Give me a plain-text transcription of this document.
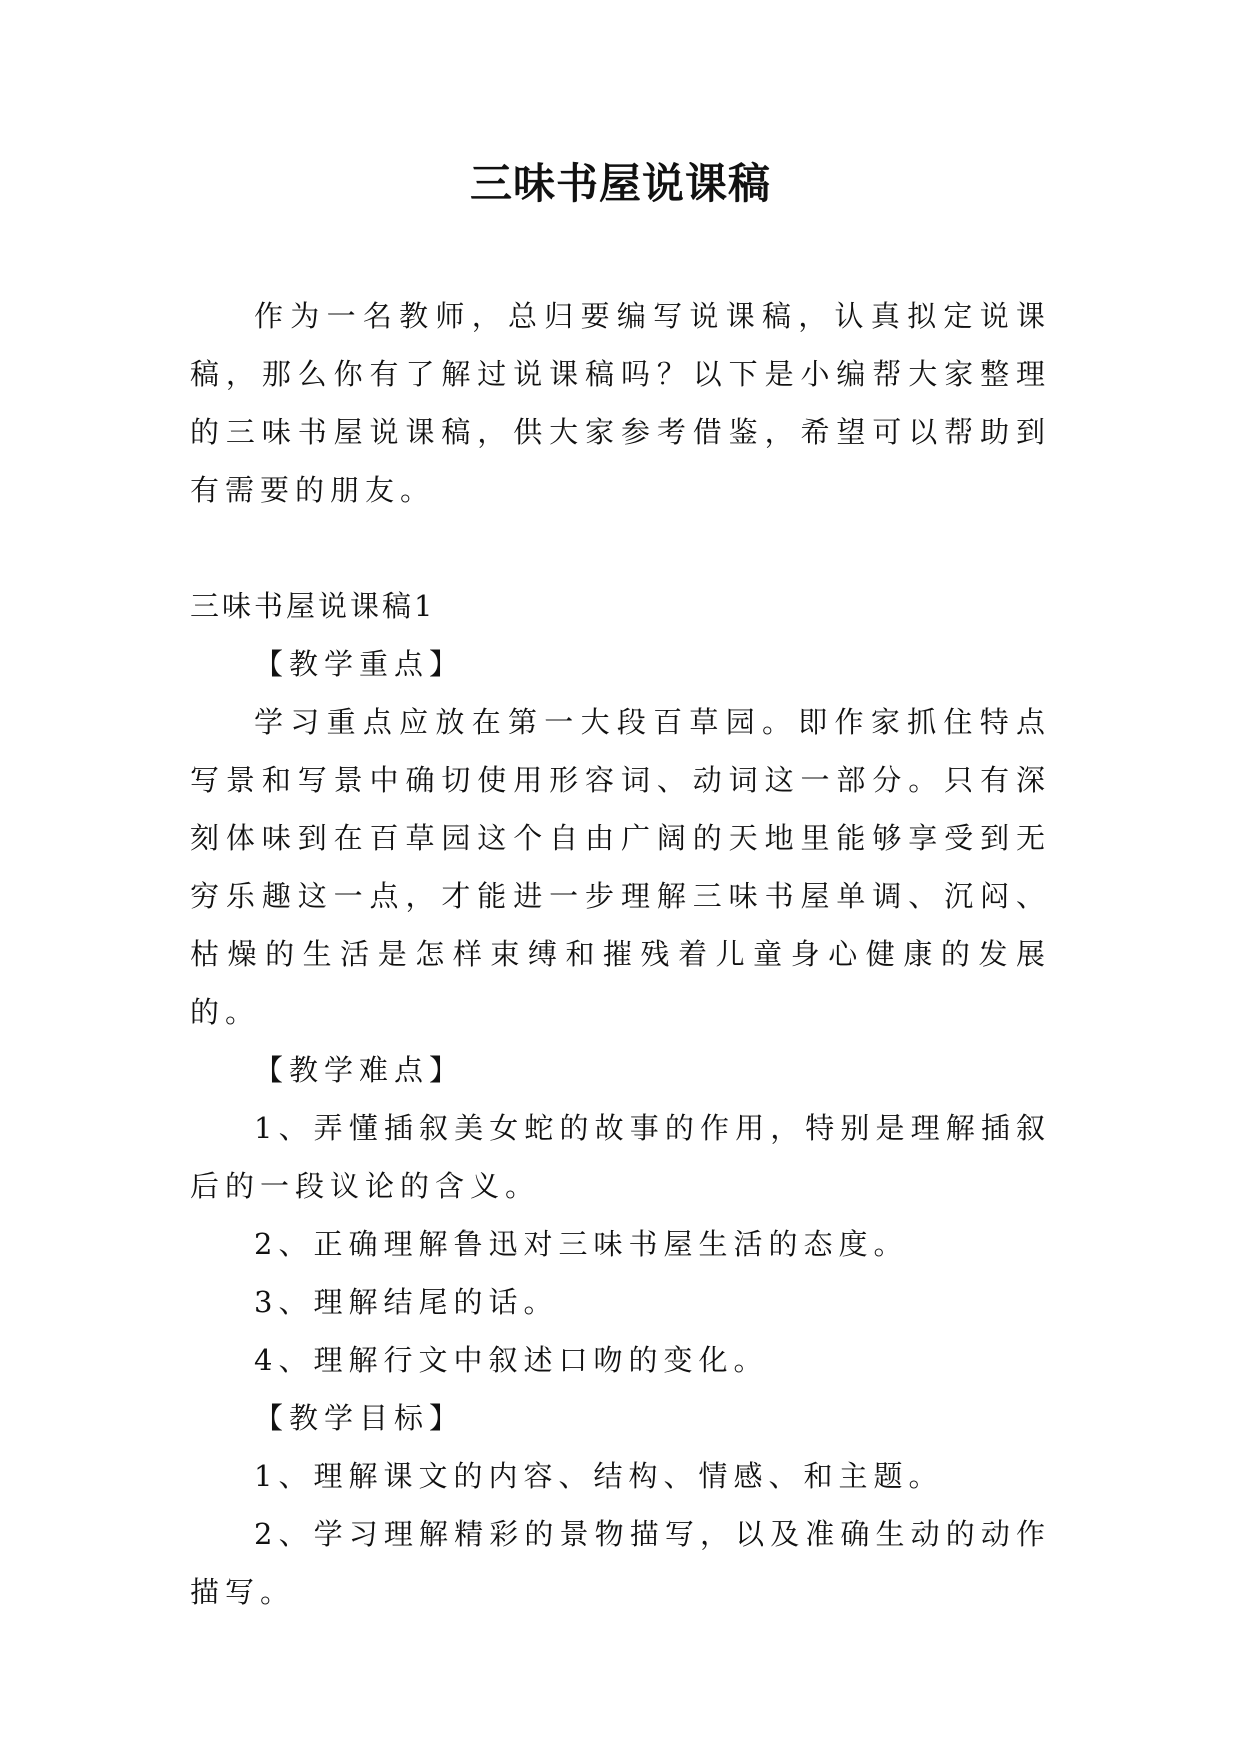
三味书屋说课稿

作为一名教师，总归要编写说课稿，认真拟定说课稿，那么你有了解过说课稿吗？以下是小编帮大家整理的三味书屋说课稿，供大家参考借鉴，希望可以帮助到有需要的朋友。

三味书屋说课稿1

【教学重点】

学习重点应放在第一大段百草园。即作家抓住特点写景和写景中确切使用形容词、动词这一部分。只有深刻体味到在百草园这个自由广阔的天地里能够享受到无穷乐趣这一点，才能进一步理解三味书屋单调、沉闷、枯燥的生活是怎样束缚和摧残着儿童身心健康的发展的。

【教学难点】

1、弄懂插叙美女蛇的故事的作用，特别是理解插叙后的一段议论的含义。

2、正确理解鲁迅对三味书屋生活的态度。

3、理解结尾的话。

4、理解行文中叙述口吻的变化。

【教学目标】

1、理解课文的内容、结构、情感、和主题。

2、学习理解精彩的景物描写，以及准确生动的动作描写。
